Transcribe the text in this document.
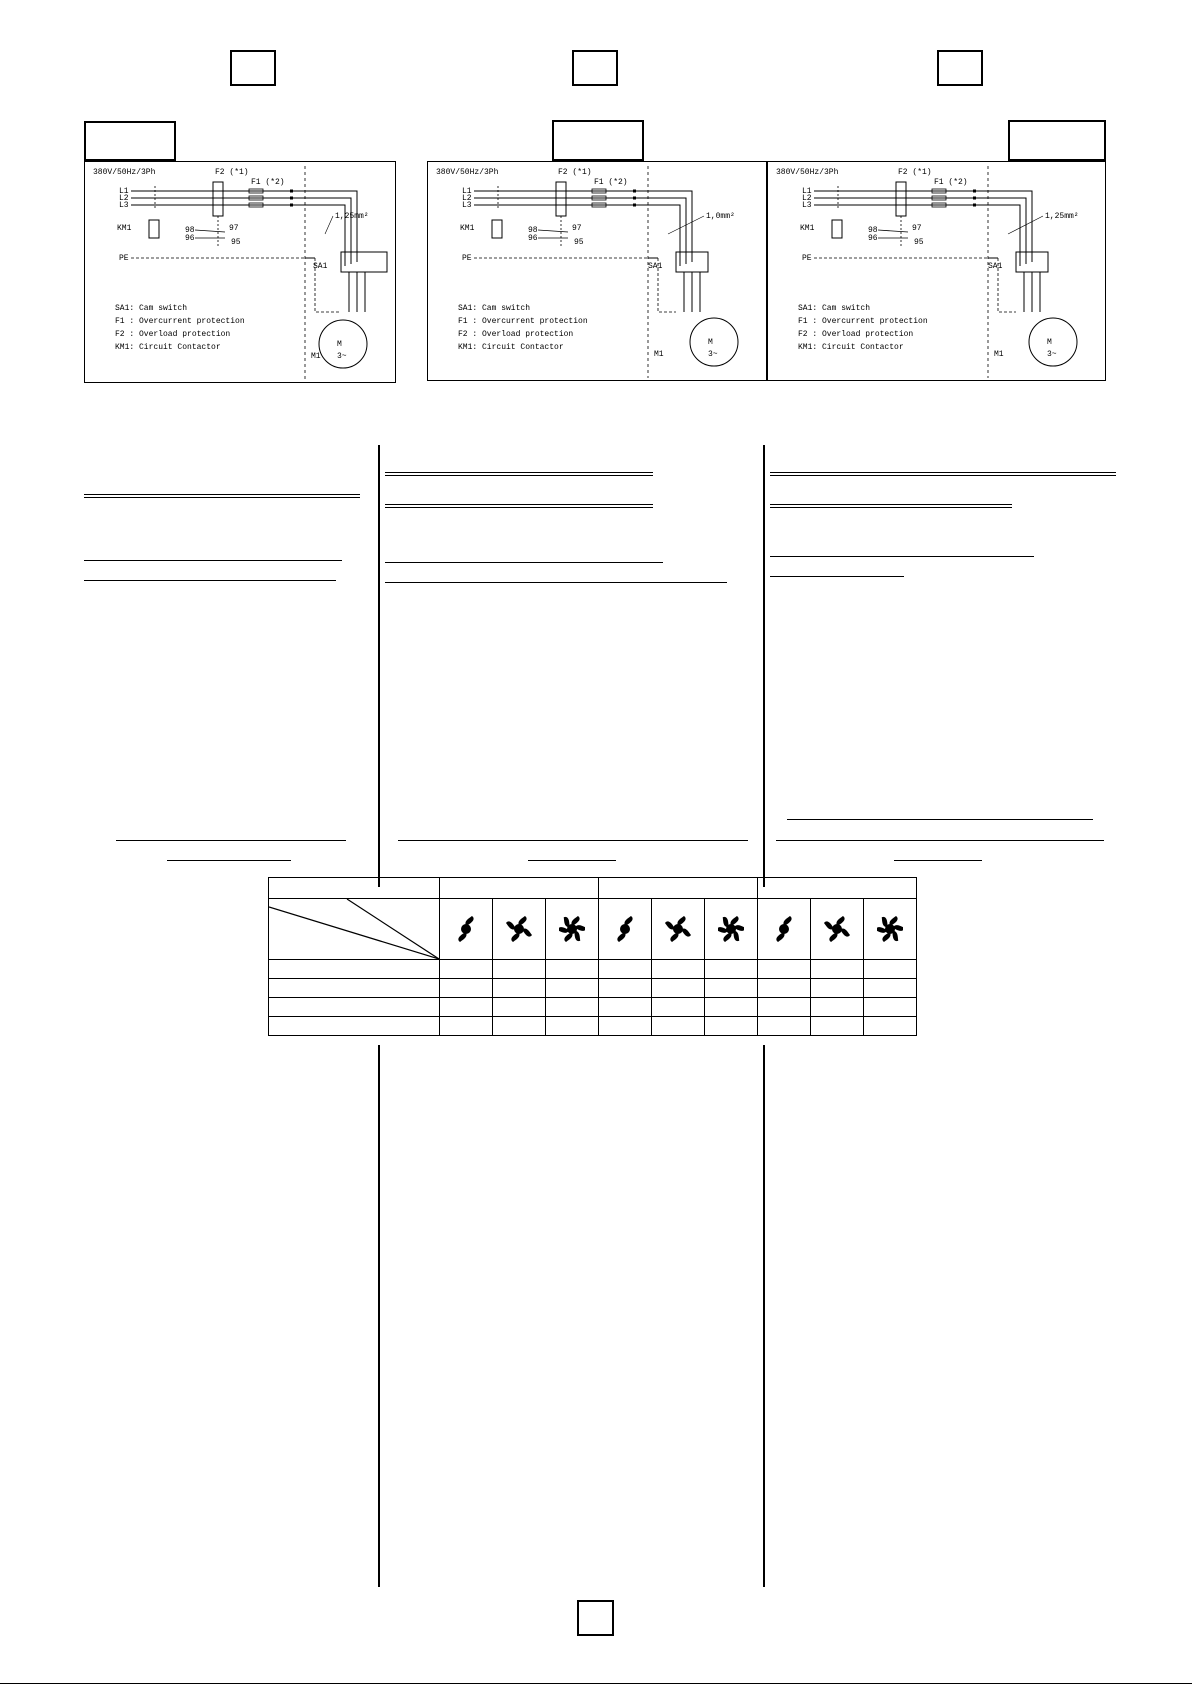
380V/50Hz/3Ph	F2 (*1)
F1 (*2)
L1
L2
L3
KM1	98	97
96	95
PE
SA1
1,25mm²
M
3~
M1
SA1: Cam switch
F1 : Overcurrent protection
F2 : Overload protection
KM1: Circuit Contactor
380V/50Hz/3Ph	F2 (*1)
F1 (*2)
L1
L2
L3
KM1	98	97
96	95
PE
SA1
1,0mm²
M
3~
M1
SA1: Cam switch
F1 : Overcurrent protection
F2 : Overload protection
KM1: Circuit Contactor
380V/50Hz/3Ph	F2 (*1)
F1 (*2)
L1
L2
L3
KM1	98	97
96	95
PE
SA1
1,25mm²
M
3~
M1
SA1: Cam switch
F1 : Overcurrent protection
F2 : Overload protection
KM1: Circuit Contactor
